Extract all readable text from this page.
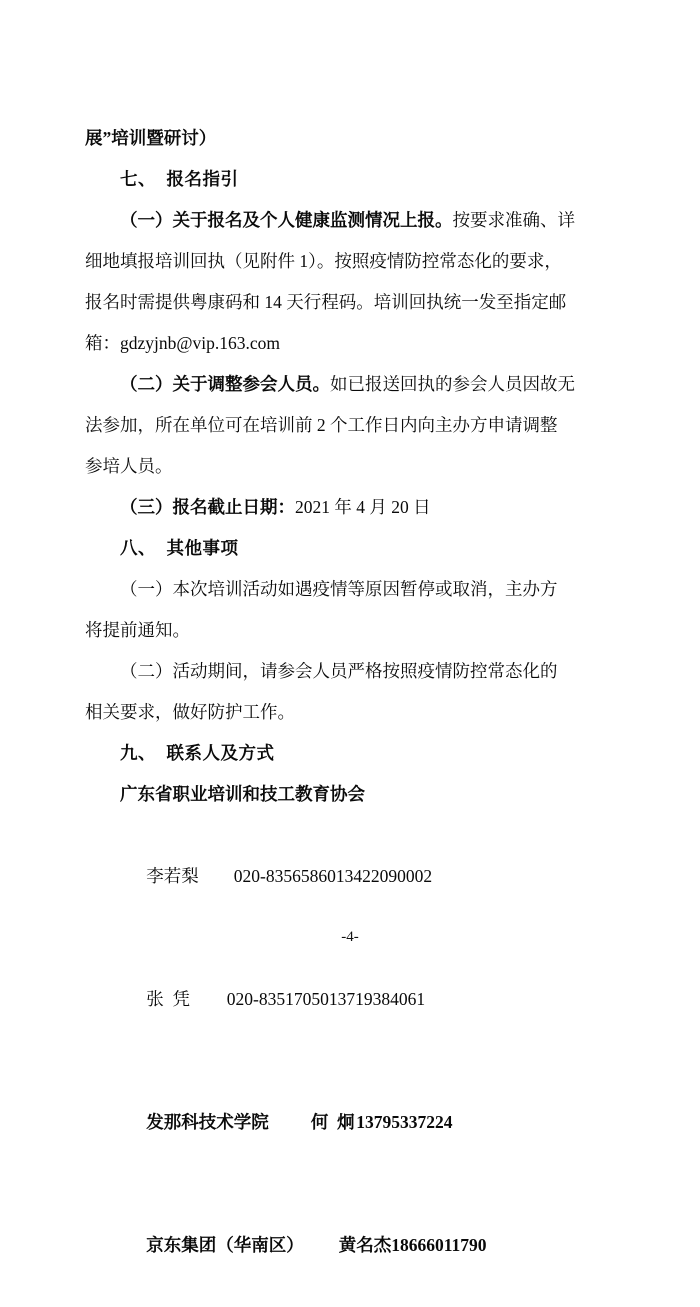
展”培训暨研讨）
七、 报名指引
（一）关于报名及个人健康监测情况上报。按要求准确、详
细地填报培训回执（见附件 1）。按照疫情防控常态化的要求，
报名时需提供粤康码和 14 天行程码。培训回执统一发至指定邮
箱：gdzyjnb@vip.163.com
（二）关于调整参会人员。如已报送回执的参会人员因故无
法参加，所在单位可在培训前 2 个工作日内向主办方申请调整
参培人员。
（三）报名截止日期：2021 年 4 月 20 日
八、 其他事项
（一）本次培训活动如遇疫情等原因暂停或取消，主办方
将提前通知。
（二）活动期间，请参会人员严格按照疫情防控常态化的
相关要求，做好防护工作。
九、 联系人及方式
广东省职业培训和技工教育协会

李若梨 020-8356586013422090002

张  凭 020-8351705013719384061

发那科技术学院 何  炯 13795337224

京东集团（华南区） 黄名杰18666011790

-4-
